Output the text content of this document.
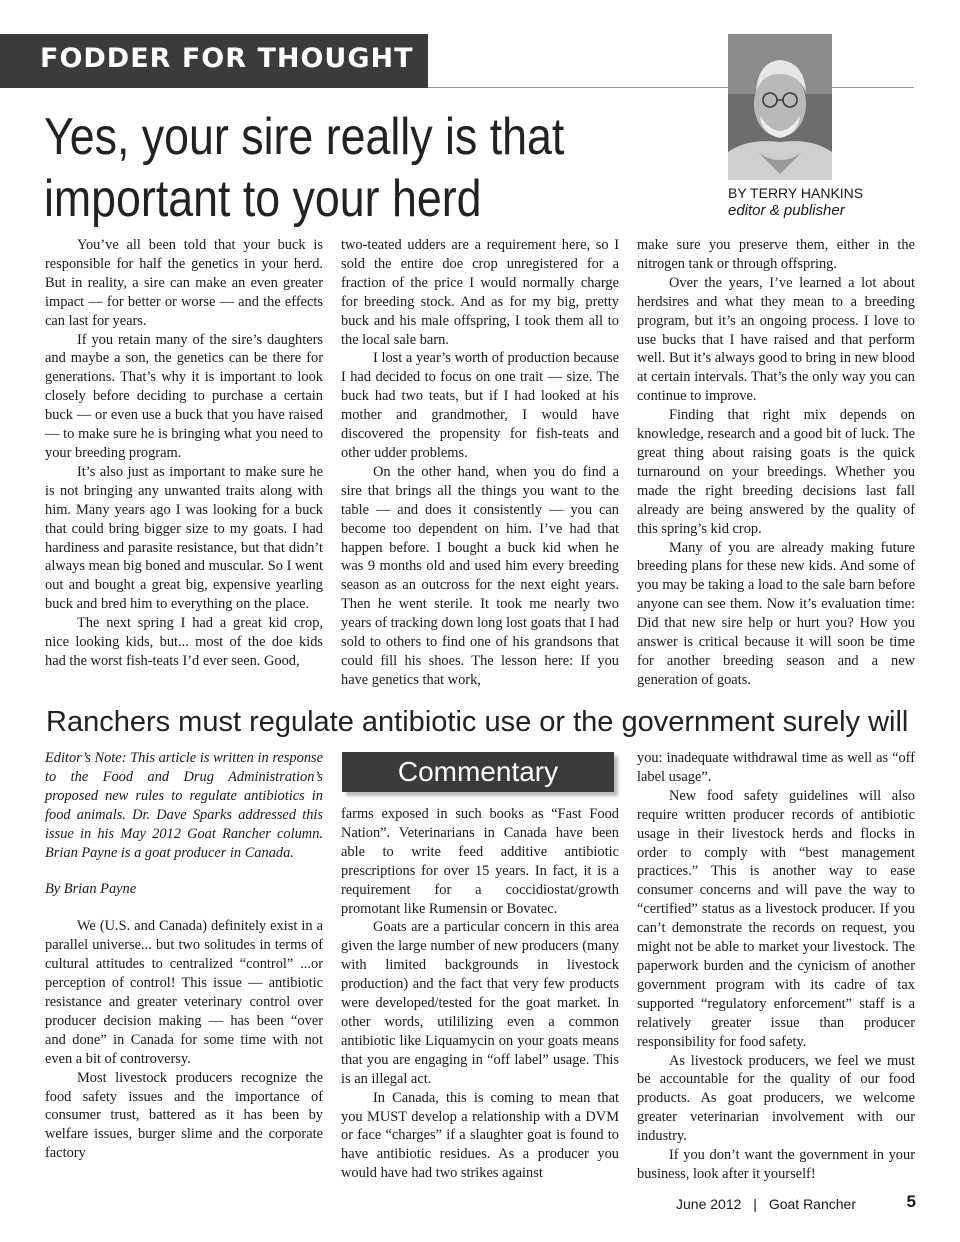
FODDER FOR THOUGHT
Yes, your sire really is that
important to your herd	BY TERRY HANKINS
editor & publisher

You’ve all been told that your buck is responsible for half the genetics in your herd. But in reality, a sire can make an even greater impact — for better or worse — and the effects can last for years.

If you retain many of the sire’s daughters and maybe a son, the genetics can be there for generations. That’s why it is important to look closely before deciding to purchase a certain buck — or even use a buck that you have raised — to make sure he is bringing what you need to your breeding program.

It’s also just as important to make sure he is not bringing any unwanted traits along with him. Many years ago I was looking for a buck that could bring bigger size to my goats. I had hardiness and parasite resistance, but that didn’t always mean big boned and muscular. So I went out and bought a great big, expensive yearling buck and bred him to everything on the place.

The next spring I had a great kid crop, nice looking kids, but... most of the doe kids had the worst fish-teats I’d ever seen. Good,

two-teated udders are a requirement here, so I sold the entire doe crop unregistered for a fraction of the price I would normally charge for breeding stock. And as for my big, pretty buck and his male offspring, I took them all to the local sale barn.

I lost a year’s worth of production because I had decided to focus on one trait — size. The buck had two teats, but if I had looked at his mother and grandmother, I would have discovered the propensity for fish-teats and other udder problems.

On the other hand, when you do find a sire that brings all the things you want to the table — and does it consistently — you can become too dependent on him. I’ve had that happen before. I bought a buck kid when he was 9 months old and used him every breeding season as an outcross for the next eight years. Then he went sterile. It took me nearly two years of tracking down long lost goats that I had sold to others to find one of his grandsons that could fill his shoes. The lesson here: If you have genetics that work,

make sure you preserve them, either in the nitrogen tank or through offspring.

Over the years, I’ve learned a lot about herdsires and what they mean to a breeding program, but it’s an ongoing process. I love to use bucks that I have raised and that perform well. But it’s always good to bring in new blood at certain intervals. That’s the only way you can continue to improve.

Finding that right mix depends on knowledge, research and a good bit of luck. The great thing about raising goats is the quick turnaround on your breedings. Whether you made the right breeding decisions last fall already are being answered by the quality of this spring’s kid crop.

Many of you are already making future breeding plans for these new kids. And some of you may be taking a load to the sale barn before anyone can see them. Now it’s evaluation time: Did that new sire help or hurt you? How you answer is critical because it will soon be time for another breeding season and a new generation of goats.

Ranchers must regulate antibiotic use or the government surely will

Editor’s Note: This article is written in response to the Food and Drug Administration’s proposed new rules to regulate antibiotics in food animals. Dr. Dave Sparks addressed this issue in his May 2012 Goat Rancher column. Brian Payne is a goat producer in Canada.

By Brian Payne

We (U.S. and Canada) definitely exist in a parallel universe... but two solitudes in terms of cultural attitudes to centralized “control” ...or perception of control! This issue — antibiotic resistance and greater veterinary control over producer decision making — has been “over and done” in Canada for some time with not even a bit of controversy.

Most livestock producers recognize the food safety issues and the importance of consumer trust, battered as it has been by welfare issues, burger slime and the corporate factory

Commentary

farms exposed in such books as “Fast Food Nation”. Veterinarians in Canada have been able to write feed additive antibiotic prescriptions for over 15 years. In fact, it is a requirement for a coccidiostat/growth promotant like Rumensin or Bovatec.

Goats are a particular concern in this area given the large number of new producers (many with limited backgrounds in livestock production) and the fact that very few products were developed/tested for the goat market. In other words, utililizing even a common antibiotic like Liquamycin on your goats means that you are engaging in “off label” usage. This is an illegal act.

In Canada, this is coming to mean that you MUST develop a relationship with a DVM or face “charges” if a slaughter goat is found to have antibiotic residues. As a producer you would have had two strikes against

you: inadequate withdrawal time as well as “off label usage”.

New food safety guidelines will also require written producer records of antibiotic usage in their livestock herds and flocks in order to comply with “best management practices.” This is another way to ease consumer concerns and will pave the way to “certified” status as a livestock producer. If you can’t demonstrate the records on request, you might not be able to market your livestock. The paperwork burden and the cynicism of another government program with its cadre of tax supported “regulatory enforcement” staff is a relatively greater issue than producer responsibility for food safety.

As livestock producers, we feel we must be accountable for the quality of our food products. As goat producers, we welcome greater veterinarian involvement with our industry.

If you don’t want the government in your business, look after it yourself!

June 2012 | Goat Rancher	5
